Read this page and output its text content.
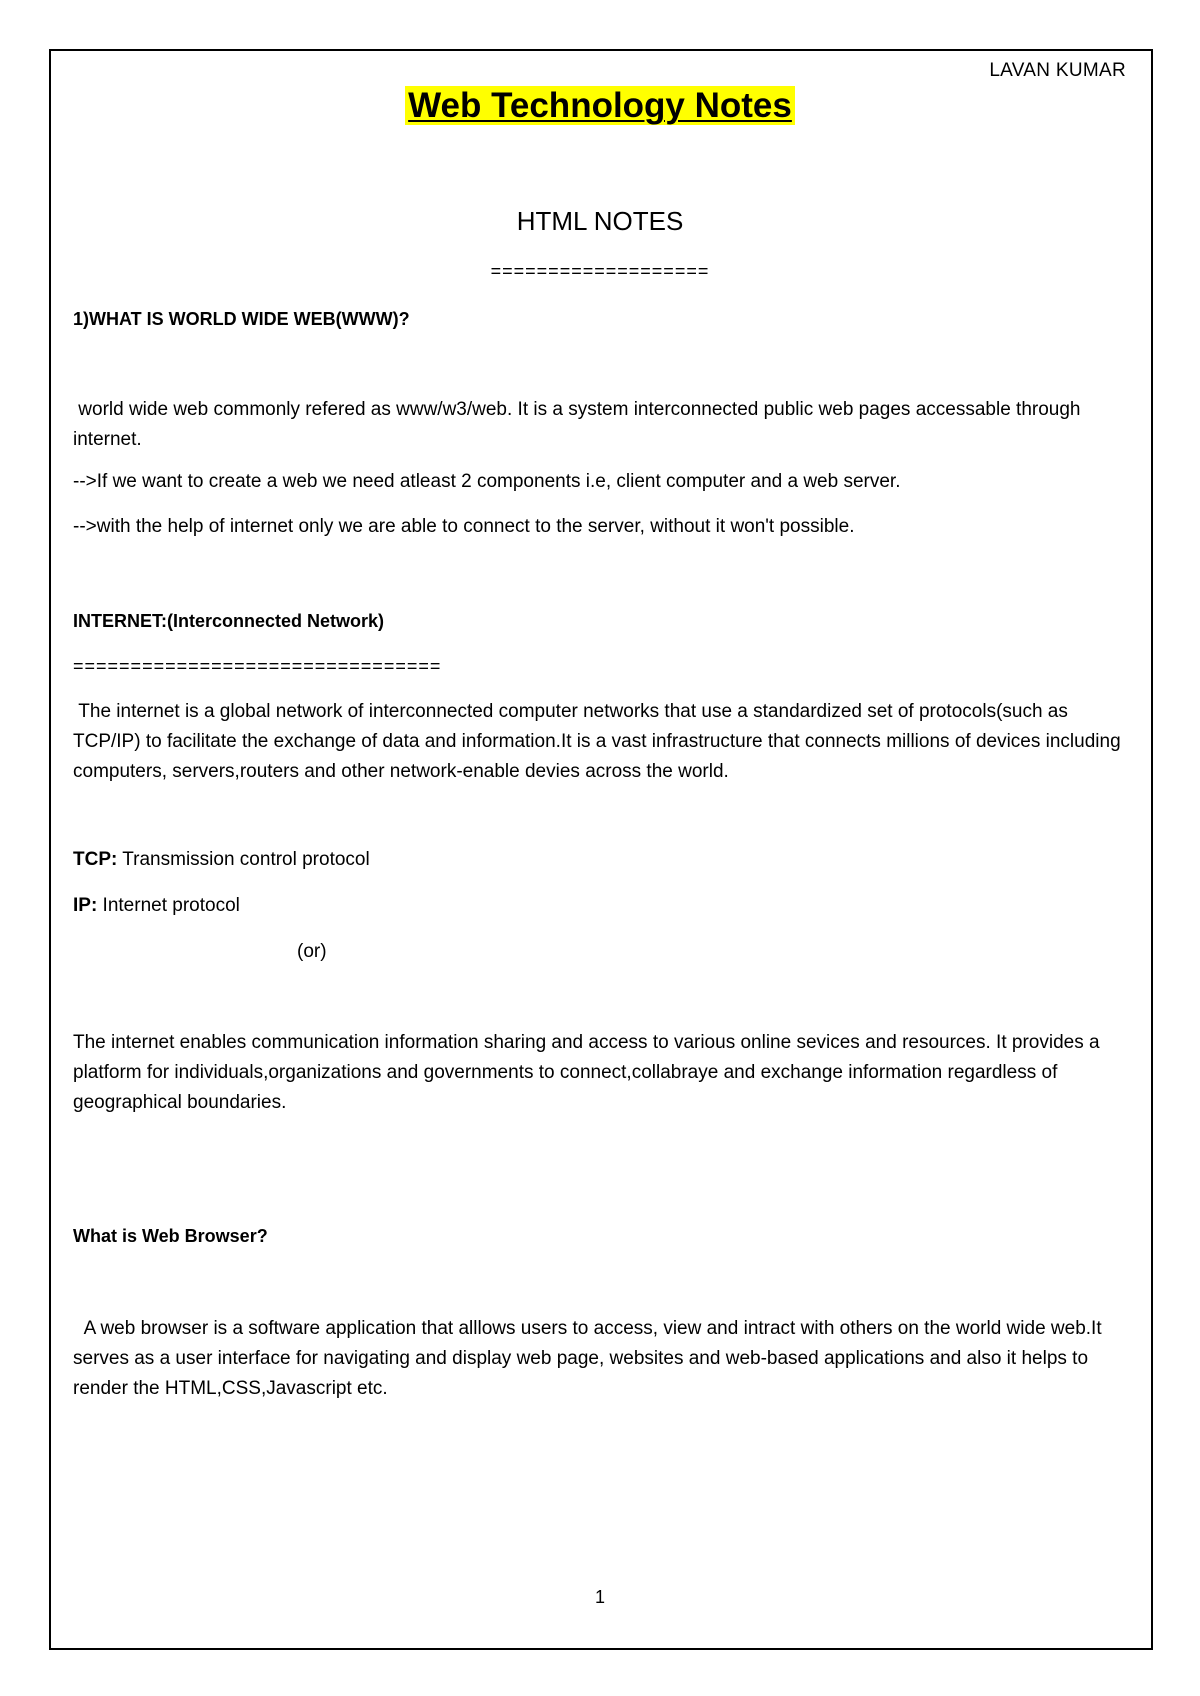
LAVAN KUMAR
Web Technology Notes
HTML NOTES
===================
1)WHAT IS WORLD WIDE WEB(WWW)?
world wide web commonly refered as www/w3/web. It is a system interconnected public web pages accessable through internet.
-->If we want to create a web we need atleast 2 components i.e, client computer and a web server.
-->with the help of internet only we are able to connect to the server, without it won't possible.
INTERNET:(Interconnected Network)
================================
The internet is a global network of interconnected computer networks that use a standardized set of protocols(such as TCP/IP) to facilitate the exchange of data and information.It is a vast infrastructure that connects millions of devices including computers, servers,routers and other network-enable devies across the world.
TCP: Transmission control protocol
IP: Internet protocol
(or)
The internet enables communication information sharing and access to various online sevices and resources. It provides a platform for individuals,organizations and governments to connect,collabraye and exchange information regardless of geographical boundaries.
What is Web Browser?
A web browser is a software application that alllows users to access, view and intract with others on the world wide web.It serves as a user interface for navigating and display web page, websites and web-based applications and also it helps to render the HTML,CSS,Javascript etc.
1
